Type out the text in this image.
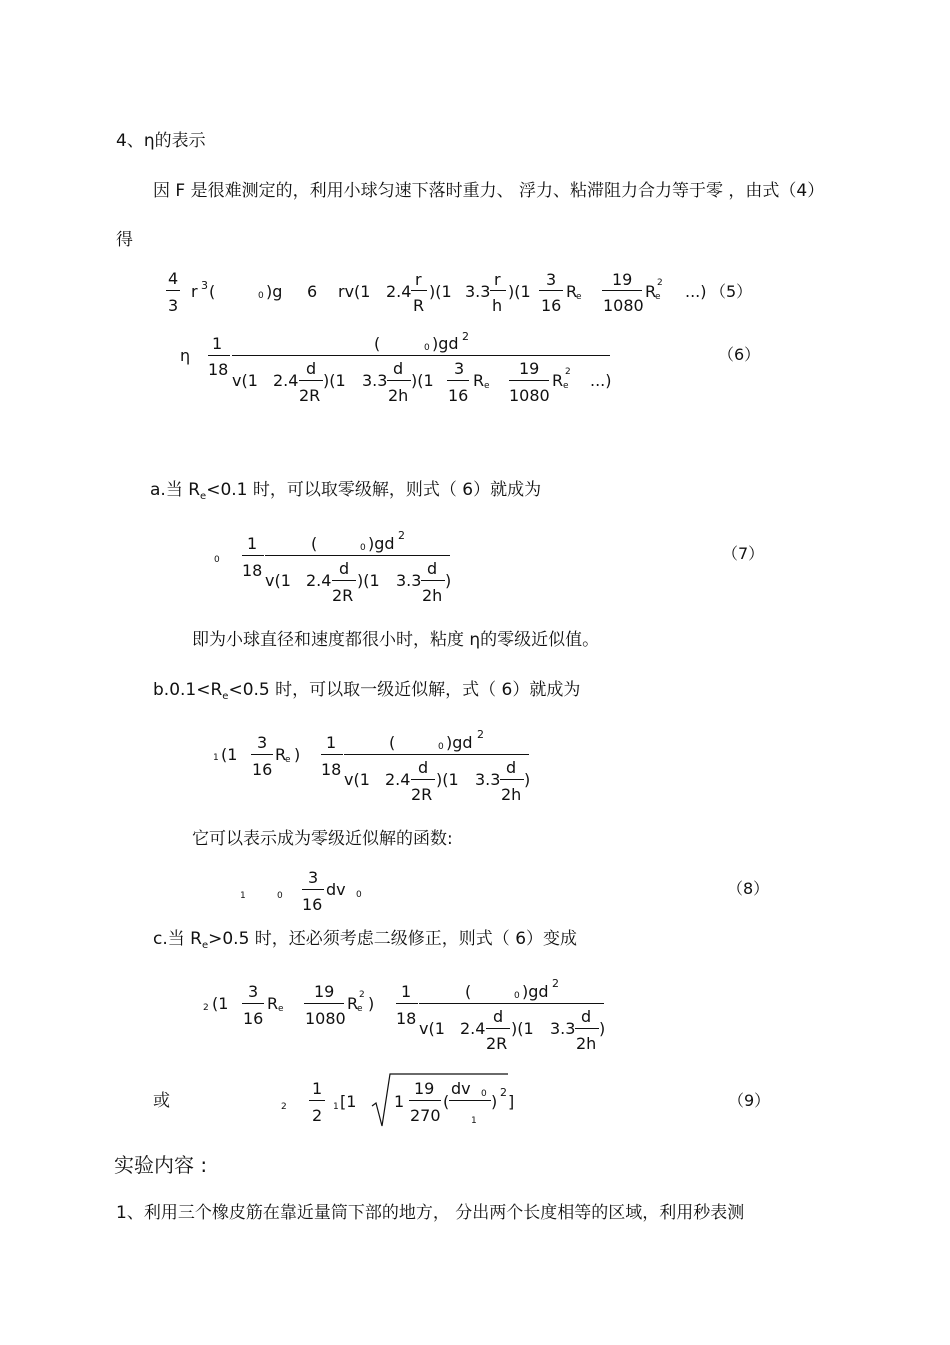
4、η的表示
因 F 是很难测定的，利用小球匀速下落时重力、 浮力、粘滞阻力合力等于零 ，由式（4）
得
4
3
r 3 (	0 )g 6 rv(1 2.4
r
R
)(1 3.3
r
h
)(1
3
16
R
e
19
1080
R
e
2 ...) （5）
η
1
18
(	0 )gd 2
v(1 2.4
d
2R
)(1 3.3
d
2h
)(1
3
16
R e
19
1080
R e
2 ...)
（6）
a.当 $R_e<0.1$ 时，可以取零级解，则式（ 6）就成为
0
1
18
(	0 )gd 2
v(1 2.4
d
2R
)(1 3.3
d
2h
)
（7）
即为小球直径和速度都很小时，粘度 η的零级近似值。
$b.0.1<R_e<0.5$ 时，可以取一级近似解，式（ 6）就成为
1 (1
3
16
R
e )
1
18
(	0 )gd 2
v(1 2.4
d
2R
)(1 3.3
d
2h
)
它可以表示成为零级近似解的函数:
1	0
3
16
dv 0	（8）
c.当 $R_e>0.5$ 时，还必须考虑二级修正，则式（ 6）变成
2 (1
3
16
R e
19
1080
R
e
2 )
1
18
(	0 )gd 2
v(1 2.4
d
2R
)(1 3.3
d
2h
)
或	2
1
2 1 [1 1
19
270
(
dv 0
1
) 2 ]	（9）
实验内容 :
1、利用三个橡皮筋在靠近量筒下部的地方， 分出两个长度相等的区域，利用秒表测
